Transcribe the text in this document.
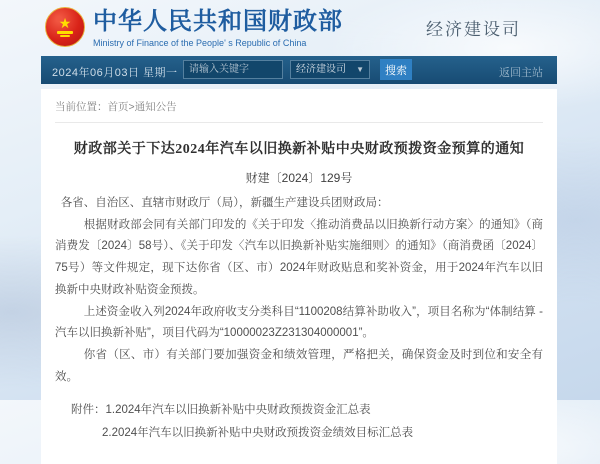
★ 中华人民共和国财政部
Ministry of Finance of the People' s Republic of China
经济建设司
2024年06月03日 星期一
请输入关键字	经济建设司 ▼	搜索	返回主站
当前位置：首页>通知公告
财政部关于下达2024年汽车以旧换新补贴中央财政预拨资金预算的通知
财建〔2024〕129号

各省、自治区、直辖市财政厅（局），新疆生产建设兵团财政局：

根据财政部会同有关部门印发的《关于印发〈推动消费品以旧换新行动方案〉的通知》（商消费发〔2024〕58号）、《关于印发〈汽车以旧换新补贴实施细则〉的通知》（商消费函〔2024〕75号）等文件规定，现下达你省（区、市）2024年财政贴息和奖补资金，用于2024年汽车以旧换新中央财政补贴资金预拨。

上述资金收入列2024年政府收支分类科目“1100208结算补助收入”，项目名称为“体制结算 - 汽车以旧换新补贴”，项目代码为“10000023Z231304000001”。

你省（区、市）有关部门要加强资金和绩效管理，严格把关，确保资金及时到位和安全有效。

附件：1.2024年汽车以旧换新补贴中央财政预拨资金汇总表
2.2024年汽车以旧换新补贴中央财政预拨资金绩效目标汇总表
